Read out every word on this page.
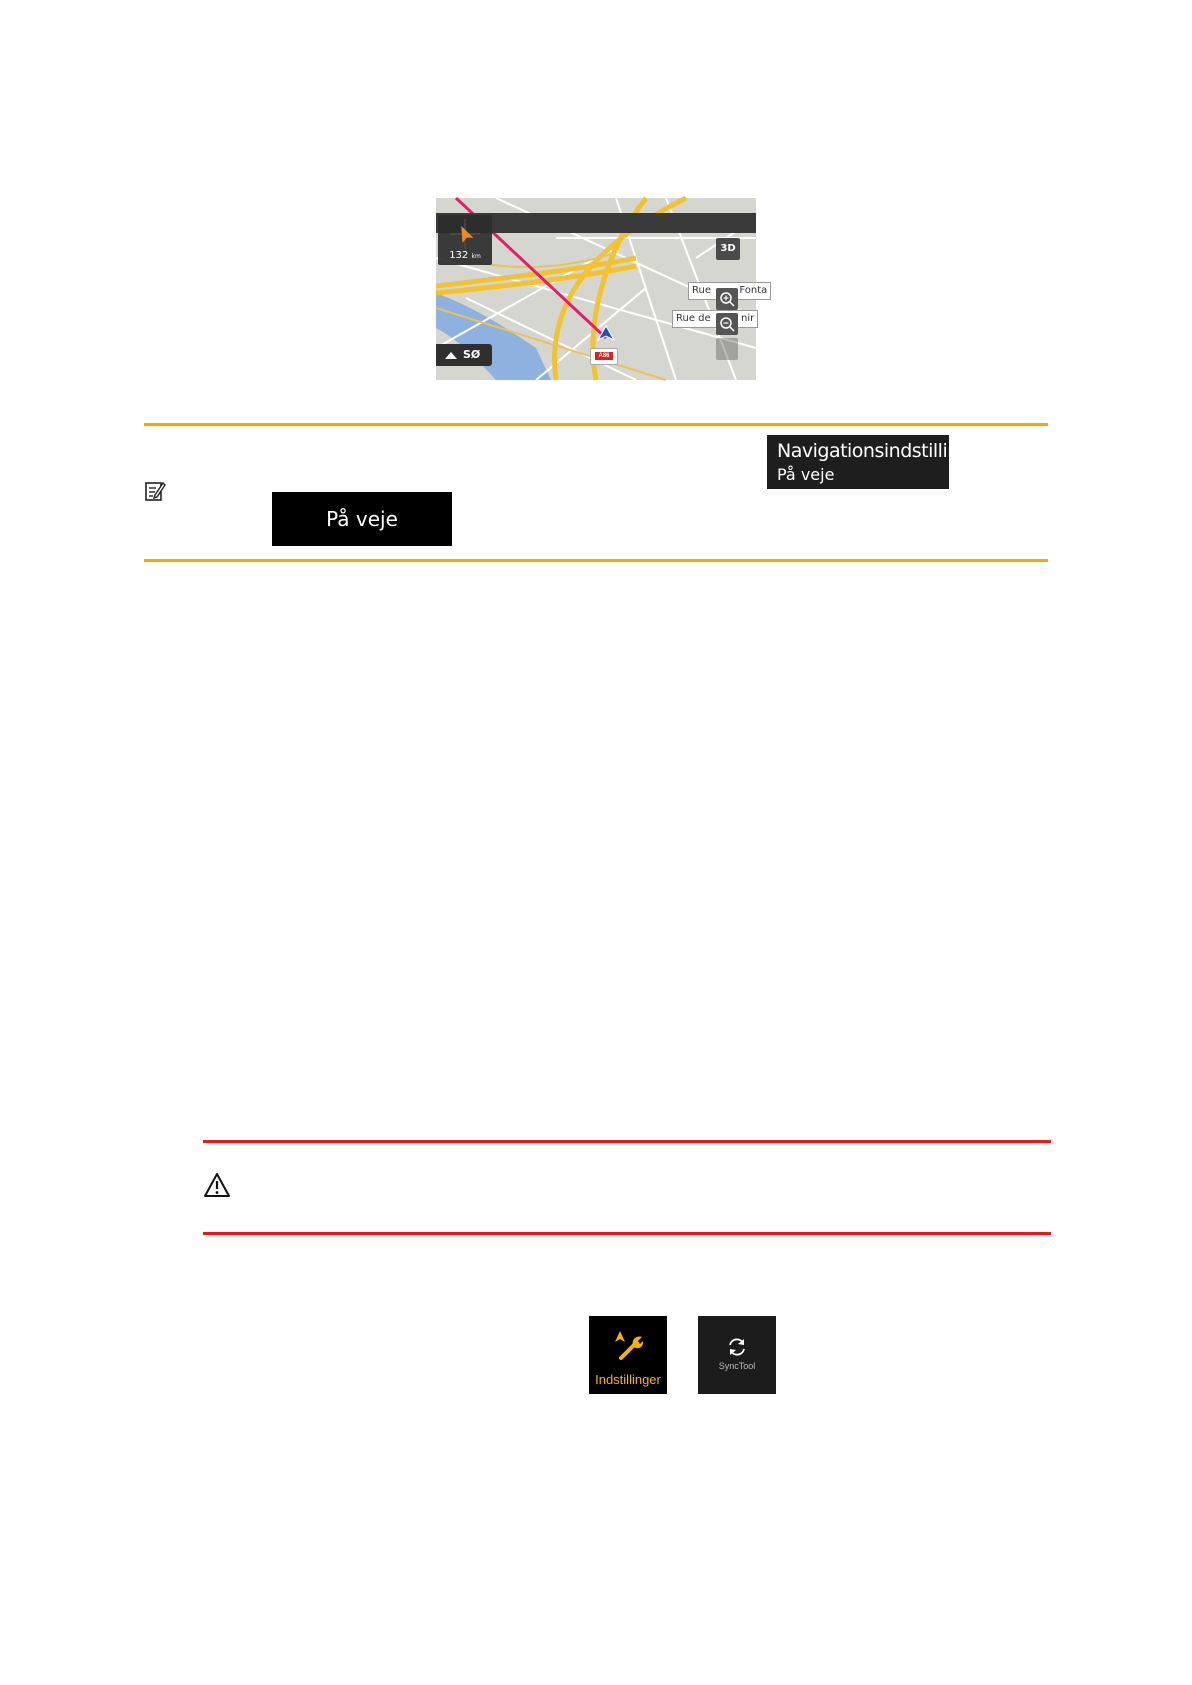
132 km
3D
Rue	Fonta
Rue de	nir
SØ	A86
Navigationsindstilling
På veje
På veje
Indstillinger
SyncTool
